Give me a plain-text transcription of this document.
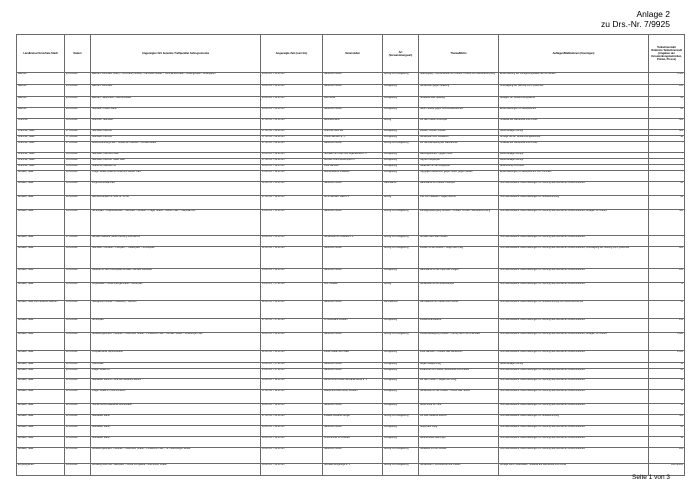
Anlage 2
zu Drs.-Nr. 7/9925
Landkreise/ Kreisfreie Stadt	Datum	Angezeigter Ort/ benutzte Treffpunkte/ Aufzugsstrecke	Angezeigte Zeit (von/ bis)	Veranstalter	Art
(Versammlungsart)	Thema/Motto	Auflagen/Maßnahmen (Sonstiges)	Teilnehmerzahl
Verkürzte Teilnehmerzahl (Angaben der Versammlungsbehörden, Polizei, Presse)
Bautzen	24.03.2022	Bautzen: Kornmarkt (Platz) – Kornmarkt (Straße) – Karl-Marx-Straße – Tuchmacherstraße – Lessingstraße – Ankergarten	19:00 Uhr – 21:00 Uhr	natürliche Person	Aufzug mit Kundgebung	Spaziergang – Demonstration für Frieden, Freiheit und Selbstbestimmung	Einschränkung der Kundgebungsdauer auf 60 Minuten	1.500
Bautzen	24.03.2022	Bautzen: Kornmarkt	19:00 Uhr – 20:00 Uhr	natürliche Person	Kundgebung	Gemeinsam gegen Spaltung	Untersagung der Nutzung von Pyrotechnik	100
Bautzen	24.03.2022	Bautzen: Hauptmarkt – Reichenstraße	19:00 Uhr – 20:30 Uhr	DIE LINKE	Kundgebung	Solidarität statt Spaltung	Auflagen zur Versammlungsfläche	20
Bautzen	24.03.2022	Neustadt, Ortsteil: Markt	19:00 Uhr – 20:00 Uhr	natürliche Person	Kundgebung	Stille Proteste gegen Corona-Maßnahmen	Einschränkungen zu Lautsprechern	80
Chemnitz	19.03.2022	Chemnitz: Neumarkt	17:00 Uhr – 21:00 Uhr	Aktionsbündnis	Aufzug	Für den Frieden in Europa	Hinweise auf Sachkunde und Ordner	300
Chemnitz, Stadt	17.03.2022	Neumarkt Chemnitz	17:00 Uhr – 20:00 Uhr	Chemnitz steht auf	Kundgebung	Frieden, Freiheit, Frieden	Keine Auflagen verfügt	600
Chemnitz, Stadt	17.03.2022	Neumarkt Chemnitz	17:00 Uhr – 20:00 Uhr	LINKE Sachsen e. V.	Kundgebung	Gemeinsam und Solidarisch	Anzeige bei der Versammlungsbehörde	40
Chemnitz, Stadt	17.03.2022	Rosa-Luxemburg-Platz – Straße der Nationen – Brückenstraße	17:30 Uhr – 20:00 Uhr	natürliche Person	Aufzug mit Kundgebung	Für die Abschaffung der Maßnahmen	Hinweise auf Sachkunde und Ordner	-
Chemnitz, Stadt	19.03.2022	Neumarkt, Chemnitz Mitte	16:00 Uhr – 18:00 Uhr	Netzwerk für Kultur und Jugendarbeit e. V.	Kundgebung	Meinungsfreiheit – gegen Hetze	Keine Auflagen verfügt	-
Chemnitz, Stadt	19.03.2022	Neumarkt Chemnitz Hälfte West	17:00 Uhr – 20:00 Uhr	Bündnis Chemnitz/Europa e.V.	Kundgebung	Tag der Kriegsopfer	Keine Auflagen verfügt	-
Chemnitz, Stadt	19.03.2022	Straße der Nationen 12	18:00 Uhr – 19:15 Uhr	Freie Sachsen	Kundgebung	Gedenken für die Kriegsopfer	Abstimmung mit Polizei	-
Dresden, Stadt	19.03.2022	Prager Straße zwischen Kiosk und Wiener Platz	15:00 Uhr – 19:00 Uhr	Demokratische Initiativen	Kundgebung	Tag gegen Rassismus, gegen Hetze, gegen Gewalt	Einschränkungen zu Lautsprechern und Trommeln	-
Dresden, Stadt	19.03.2022	Jorge-Gomondai-Platz	12:00 Uhr – 21:00 Uhr	natürliche Person	Mahnwache	Mahnwache für Frieden in Europa	nicht abschließend: Beschränkungen zur Nutzung des öffentlichen Verkehrsraumes	20
Dresden, Stadt	19.03.2022	Bahnhofsvorplatz in Höhe Nr. 15–38	17:00 Uhr – 19:00 Uhr	ver.di Sachsen West e.V.	Aufzug	FSV vom Stadtteil – Gegen Rechts	nicht abschließend: Beschränkungen zur Streckenführung	20
Dresden, Stadt	19.03.2022	Schloßplatz – Augustusstraße – Neumarkt – Altmarkt – Prager Straße – Wiener Platz – Hauptbahnhof	14:00 Uhr – 15:00 Uhr	natürliche Person	Aufzug mit Kundgebung	Montagsspaziergang Dresden – Frieden, Freiheit, Selbstbestimmung	nicht abschließend: Beschränkungen zur Nutzung des öffentlichen Verkehrsraumes; Auflagen zu Ordnern	500
Dresden, Stadt	17.03.2022	Altmarkt Stadtfeld (Seite) Richtung Kreuzkirche	19:00 Uhr – 21:00 Uhr	Gemeinsam für Dresden e.V.	Aufzug mit Kundgebung	Dresden kann auch anders	nicht abschließend: Beschränkungen zur Nutzung des öffentlichen Verkehrsraumes	-
Dresden, Stadt	19.03.2022	Neumarkt – Altmarkt – Postplatz – Theaterplatz – Schloßplatz	12:00 Uhr – 16:00 Uhr	natürliche Person	Aufzug mit Kundgebung	Frieden für die Ukraine – Stoppt den Krieg	nicht abschließend: Beschränkungen zur Nutzung des öffentlichen Verkehrsraumes; Untersagung der Nutzung von Pyrotechnik	800
Dresden, Stadt	19.03.2022	Gelände vor dem Kulturpalast Dresden, Altmarkt Westseite	15:00 Uhr – 20:00 Uhr	natürliche Person	Kundgebung	Mahnwache für die Opfer des Krieges	nicht abschließend: Beschränkungen zur Nutzung des öffentlichen Verkehrsraumes	100
Dresden, Stadt	19.03.2022	Lingnerallee – Große Zwingerstraße – Blüherpark	14:00 Uhr – 17:00 Uhr	FDP Dresden	Aufzug	Gemeinsam für ein freies Europa	nicht abschließend: Beschränkungen zur Nutzung des öffentlichen Verkehrsraumes	70
Dresden, Stadt und Landkreis Bautzen	19.03.2022	Stadtgebiet Dresden – Radeberg – Bautzen	12:00 Uhr – 20:00 Uhr	natürliche Person	Fahrradkorso	Fahrradkorso für Frieden und Freiheit	nicht abschließend: Beschränkungen zur Streckenführung und Verkehrssicherheit	50
Dresden, Stadt	19.03.2022	Schloßplatz	17:00 Uhr – 17:00 Uhr	IG Mittelstand Dresden	Kundgebung	Friedensmahnwache	nicht abschließend: Beschränkungen zur Nutzung des öffentlichen Verkehrsraumes	150
Dresden, Stadt	19.03.2022	Aufstellungsbereich: Postplatz – Wilsdruffer Straße – Pirnaischer Platz – Grunaer Straße – Straßburger Platz	18:00 Uhr – 20:00 Uhr	natürliche Person	Aufzug mit Kundgebung	Friedensbewegung Dresden – Aufzug durch die Innenstadt	nicht abschließend: Beschränkungen zur Nutzung des öffentlichen Verkehrsraumes; Auflagen zu Ordnern	1.800
Dresden, Stadt	20.03.2022	Postplatz/Ecke Sophienstraße	12:00 Uhr – 14:00 Uhr	Partei FREIE SACHSEN	Kundgebung	Freie Sachsen – Frieden statt Sanktionen	nicht abschließend: Beschränkungen zur Nutzung des öffentlichen Verkehrsraumes	2.000
Dresden, Stadt	20.03.2022	Ostra-Allee	16:00 Uhr – 17:00 Uhr	natürliche Person	Kundgebung	Gegen Ausgrenzung	Keine Auflagen verfügt	10
Dresden, Stadt	20.03.2022	Prager Straße 12	15:00 Uhr – 17:00 Uhr	natürliche Person	Kundgebung	Zusammen für Freiheit, Gesundheit und Frieden	nicht abschließend: Beschränkungen zur Nutzung des öffentlichen Verkehrsraumes	20
Dresden, Stadt	21.03.2022	Neustädter Markt in Höhe des Goldenen Reiters	10:00 Uhr – 12:00 Uhr	Menschliche Brücke Germania Bezirk e. V.	Kundgebung	Für den Frieden – Gegen den Krieg	nicht abschließend: Beschränkungen zur Nutzung des öffentlichen Verkehrsraumes	30
Dresden, Stadt	21.03.2022	Prager Straße in Höhe Rundkino	17:00 Uhr – 18:00 Uhr	Deutsches Rotes Kreuz Dresden	Kundgebung	Gemeinsam für die Ukraine – Helfen statt Hetzen	nicht abschließend: Beschränkungen zur Nutzung des öffentlichen Verkehrsraumes	40
Dresden, Stadt	21.03.2022	Helmut-Schön-Allee/Ecke Lennéstraße	18:00 Uhr – 19:00 Uhr	natürliche Person	Kundgebung	Keine Show für Tiere	nicht abschließend: Beschränkungen zur Nutzung des öffentlichen Verkehrsraumes	10
Dresden, Stadt	21.03.2022	Neustädter Markt	17:00 Uhr – 21:00 Uhr	Initiative Dresdner Bürger	Aufzug mit Kundgebung	Für eine friedliche Zukunft	nicht abschließend: Beschränkungen zur Streckenführung	500
Dresden, Stadt	21.03.2022	Neustädter Markt	18:00 Uhr – 20:00 Uhr	natürliche Person	Kundgebung	Stoppt den Krieg	nicht abschließend: Beschränkungen zur Nutzung des öffentlichen Verkehrsraumes	20
Dresden, Stadt	21.03.2022	Neustädter Markt	18:00 Uhr – 19:00 Uhr	Unternehmer für Dresden	Kundgebung	Lebensfreude statt Angst	nicht abschließend: Beschränkungen zur Nutzung des öffentlichen Verkehrsraumes	10
Dresden, Stadt	21.03.2022	Aufstellungsbereich: Postplatz – Wilsdruffer Straße – Pirnaischer Platz – St. Petersburger Straße	18:00 Uhr – 20:00 Uhr	natürliche Person	Aufzug mit Kundgebung	Solidarität mit der Ukraine	nicht abschließend: Beschränkungen zur Nutzung des öffentlichen Verkehrsraumes	100
Erzgebirgskreis	19.03.2022	Annaberg-Buchholz: Marktplatz – Große Kirchgasse – Buchholzer Straße	18:00 Uhr – 20:00 Uhr	Netzwerk Erzgebirge e. V.	Aufzug mit Kundgebung	Gemeinsam – Grundrechte und Frieden	Anzeige durch Veranstalter; Hinweise auf Sachkunde und Ordner	100 bis 200
Seite 1 von 3
